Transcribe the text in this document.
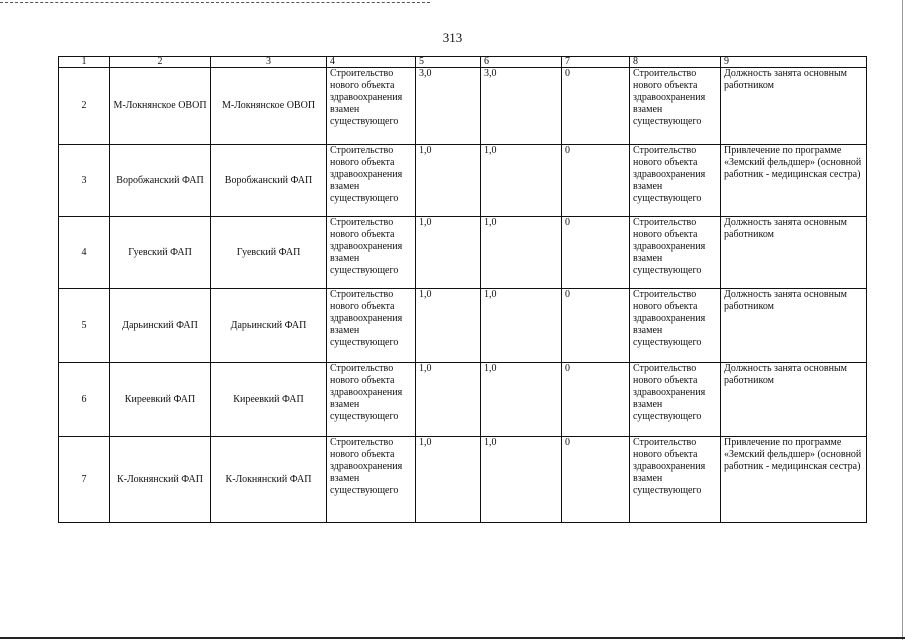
313
1	2	3	4	5	6	7	8	9
2	М-Локнянское ОВОП	М-Локнянское ОВОП	Строительство нового объекта здравоохранения взамен существующего	3,0	3,0	0	Строительство нового объекта здравоохранения взамен существующего	Должность занята основным работником
3	Воробжанский ФАП	Воробжанский ФАП	Строительство нового объекта здравоохранения взамен существующего	1,0	1,0	0	Строительство нового объекта здравоохранения взамен существующего	Привлечение по программе «Земский фельдшер» (основной работник - медицинская сестра)
4	Гуевский ФАП	Гуевский ФАП	Строительство нового объекта здравоохранения взамен существующего	1,0	1,0	0	Строительство нового объекта здравоохранения взамен существующего	Должность занята основным работником
5	Дарьинский ФАП	Дарьинский ФАП	Строительство нового объекта здравоохранения взамен существующего	1,0	1,0	0	Строительство нового объекта здравоохранения взамен существующего	Должность занята основным работником
6	Киреевкий ФАП	Киреевкий ФАП	Строительство нового объекта здравоохранения взамен существующего	1,0	1,0	0	Строительство нового объекта здравоохранения взамен существующего	Должность занята основным работником
7	К-Локнянский ФАП	К-Локнянский ФАП	Строительство нового объекта здравоохранения взамен существующего	1,0	1,0	0	Строительство нового объекта здравоохранения взамен существующего	Привлечение по программе «Земский фельдшер» (основной работник - медицинская сестра)
